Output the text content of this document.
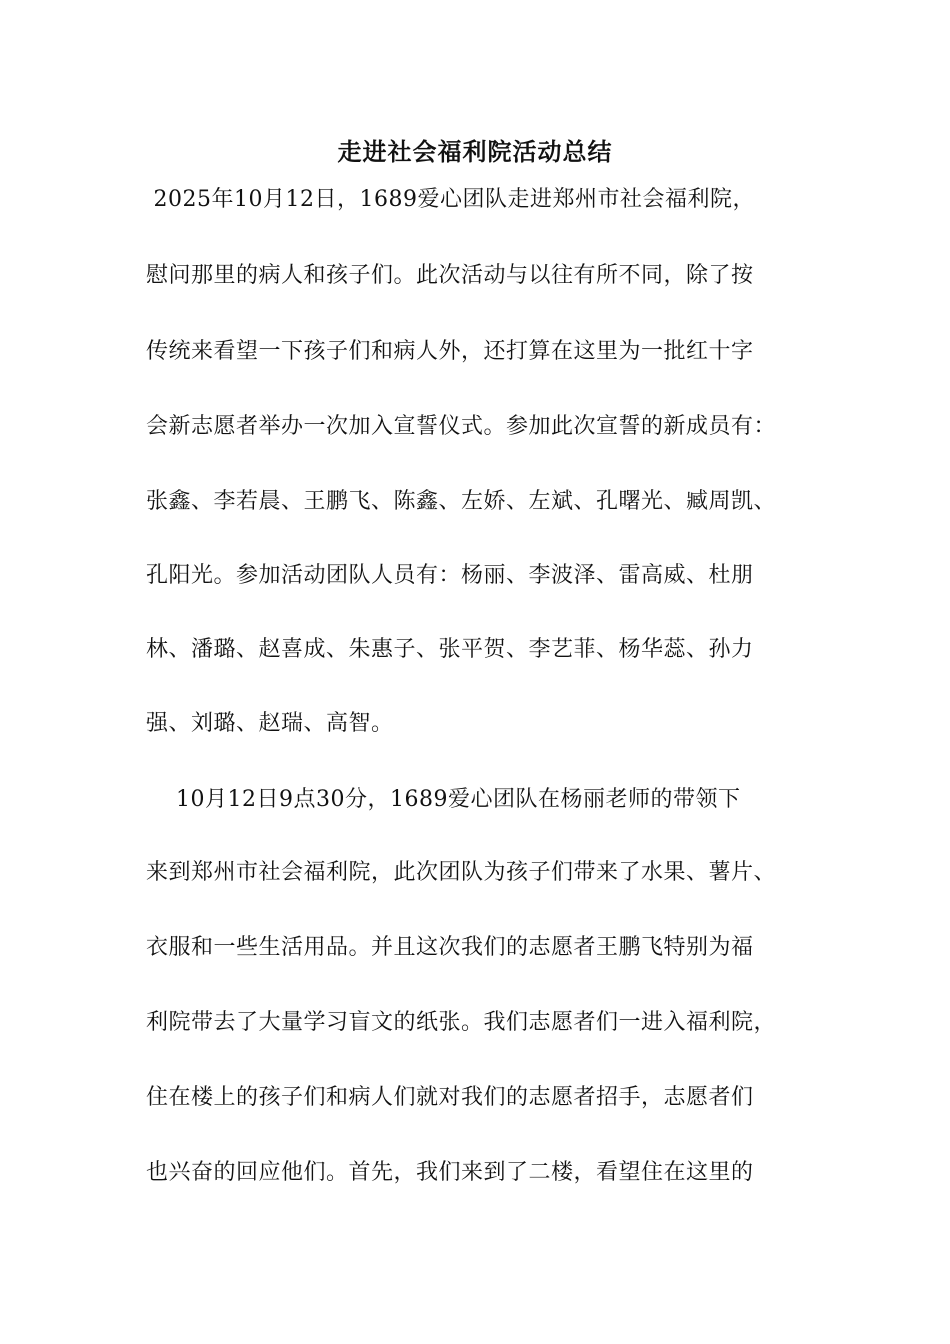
走进社会福利院活动总结
2025年10月12日，1689爱心团队走进郑州市社会福利院，
慰问那里的病人和孩子们。此次活动与以往有所不同，除了按
传统来看望一下孩子们和病人外，还打算在这里为一批红十字
会新志愿者举办一次加入宣誓仪式。参加此次宣誓的新成员有：
张鑫、李若晨、王鹏飞、陈鑫、左娇、左斌、孔曙光、臧周凯、
孔阳光。参加活动团队人员有：杨丽、李波泽、雷高威、杜朋
林、潘璐、赵喜成、朱惠子、张平贺、李艺菲、杨华蕊、孙力
强、刘璐、赵瑞、高智。
10月12日9点30分，1689爱心团队在杨丽老师的带领下
来到郑州市社会福利院，此次团队为孩子们带来了水果、薯片、
衣服和一些生活用品。并且这次我们的志愿者王鹏飞特别为福
利院带去了大量学习盲文的纸张。我们志愿者们一进入福利院，
住在楼上的孩子们和病人们就对我们的志愿者招手，志愿者们
也兴奋的回应他们。首先，我们来到了二楼，看望住在这里的
